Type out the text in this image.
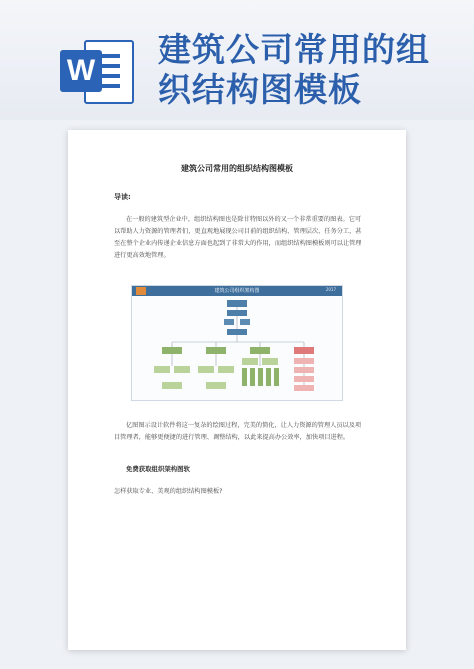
W
建筑公司常用的组织结构图模板
建筑公司常用的组织结构图模板
导读:
在一般的建筑型企业中，组织结构图也是除甘特图以外的又一个非常重要的图表。它可以帮助人力资源的管理者们，更直观地展现公司目前的组织结构、管理层次、任务分工，甚至在整个企业内传递企业信息方面也起到了非常大的作用，而组织结构图模板则可以让管理进行更高效地管理。
建筑公司组织架构图	2017
亿图图示设计软件将这一复杂的绘图过程，完美的简化，让人力资源的管理人员以及项目管理者，能够更便捷的进行管理、调整结构，以此来提高办公效率，加快项目进程。
免费获取组织架构图软
怎样获取专业、美观的组织结构图模板?
